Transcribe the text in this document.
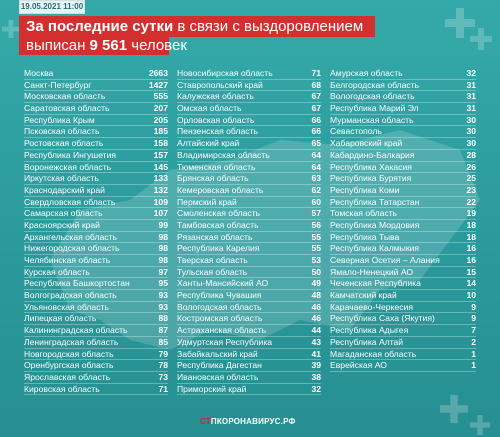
19.05.2021 11:00
За последние сутки в связи с выздоровлением
выписан 9 561 человек
Москва	2663
Санкт-Петербург	1427
Московская область	555
Саратовская область	207
Республика Крым	205
Псковская область	185
Ростовская область	158
Республика Ингушетия	157
Воронежская область	145
Иркутская область	133
Краснодарский край	132
Свердловская область	109
Самарская область	107
Красноярский край	99
Архангельская область	98
Нижегородская область	98
Челябинская область	98
Курская область	97
Республика Башкортостан	95
Волгоградская область	93
Ульяновская область	93
Липецкая область	88
Калининградская область	87
Ленинградская область	85
Новгородская область	79
Оренбургская область	78
Ярославская область	73
Кировская область	71
Новосибирская область	71
Ставропольский край	68
Калужская область	67
Омская область	67
Орловская область	66
Пензенская область	66
Алтайский край	65
Владимирская область	64
Тюменская область	64
Брянская область	63
Кемеровская область	62
Пермский край	60
Смоленская область	57
Тамбовская область	56
Рязанская область	55
Республика Карелия	55
Тверская область	53
Тульская область	50
Ханты-Мансийский АО	49
Республика Чувашия	48
Вологодская область	46
Костромская область	46
Астраханская область	44
Удмуртская Республика	43
Забайкальский край	41
Республика Дагестан	39
Ивановская область	38
Приморский край	32
Амурская область	32
Белгородская область	31
Вологодская область	31
Республика Марий Эл	31
Мурманская область	30
Севастополь	30
Хабаровский край	30
Кабардино-Балкария	28
Республика Хакасия	26
Республика Бурятия	25
Республика Коми	23
Республика Татарстан	22
Томская область	19
Республика Мордовия	18
Республика Тыва	18
Республика Калмыкия	16
Северная Осетия – Алания	16
Ямало-Ненецкий АО	15
Чеченская Республика	14
Камчатский край	10
Карачаево-Черкесия	9
Республика Саха (Якутия)	9
Республика Адыгея	7
Республика Алтай	2
Магаданская область	1
Еврейская АО	1
СТПКОРОНАВИРУС.РФ
